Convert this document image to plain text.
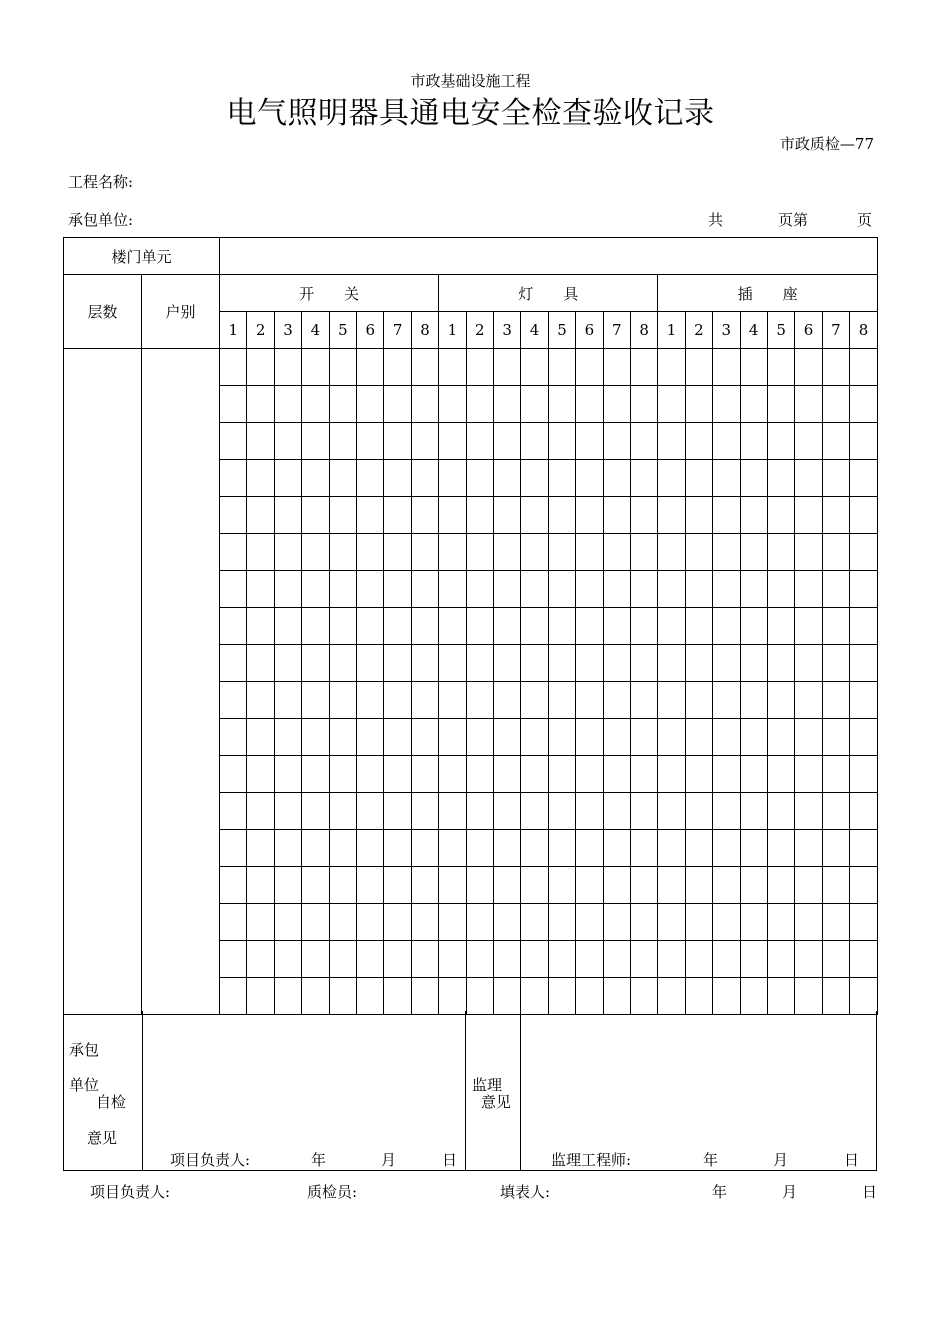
市政基础设施工程
电气照明器具通电安全检查验收记录
市政质检—77
工程名称:
承包单位:	共	页第	页
楼门单元																									
层数	户别	开　　关								灯　　具								插　　座							
		1	2	3	4	5	6	7	8	1	2	3	4	5	6	7	8	1	2	3	4	5	6	7	8

承包
单位
自检
意见
项目负责人:	年	月	日
监理
意见
监理工程师:	年	月	日
项目负责人:	质检员:	填表人:	年	月	日
